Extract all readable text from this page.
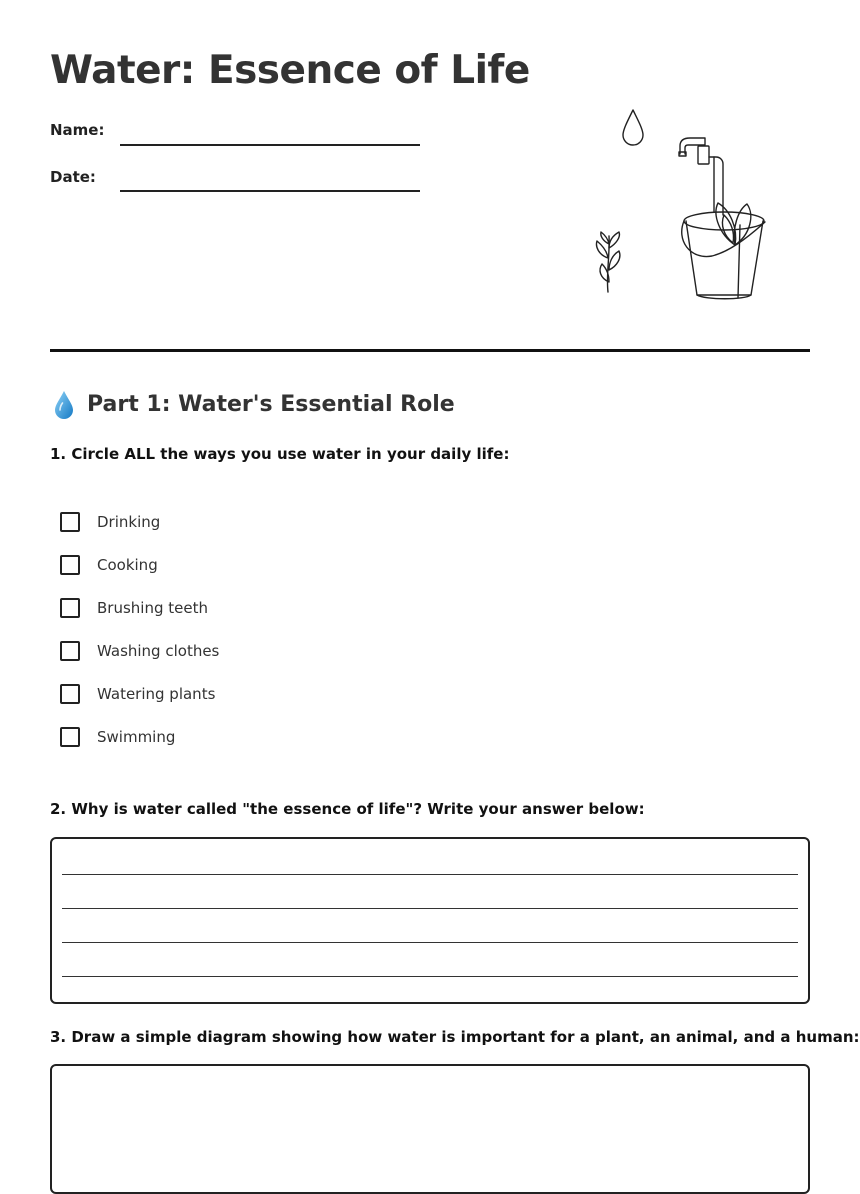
Water: Essence of Life
Name:
Date:
Part 1: Water's Essential Role

1. Circle ALL the ways you use water in your daily life:

Drinking
Cooking
Brushing teeth
Washing clothes
Watering plants
Swimming

2. Why is water called "the essence of life"? Write your answer below:

3. Draw a simple diagram showing how water is important for a plant, an animal, and a human:
